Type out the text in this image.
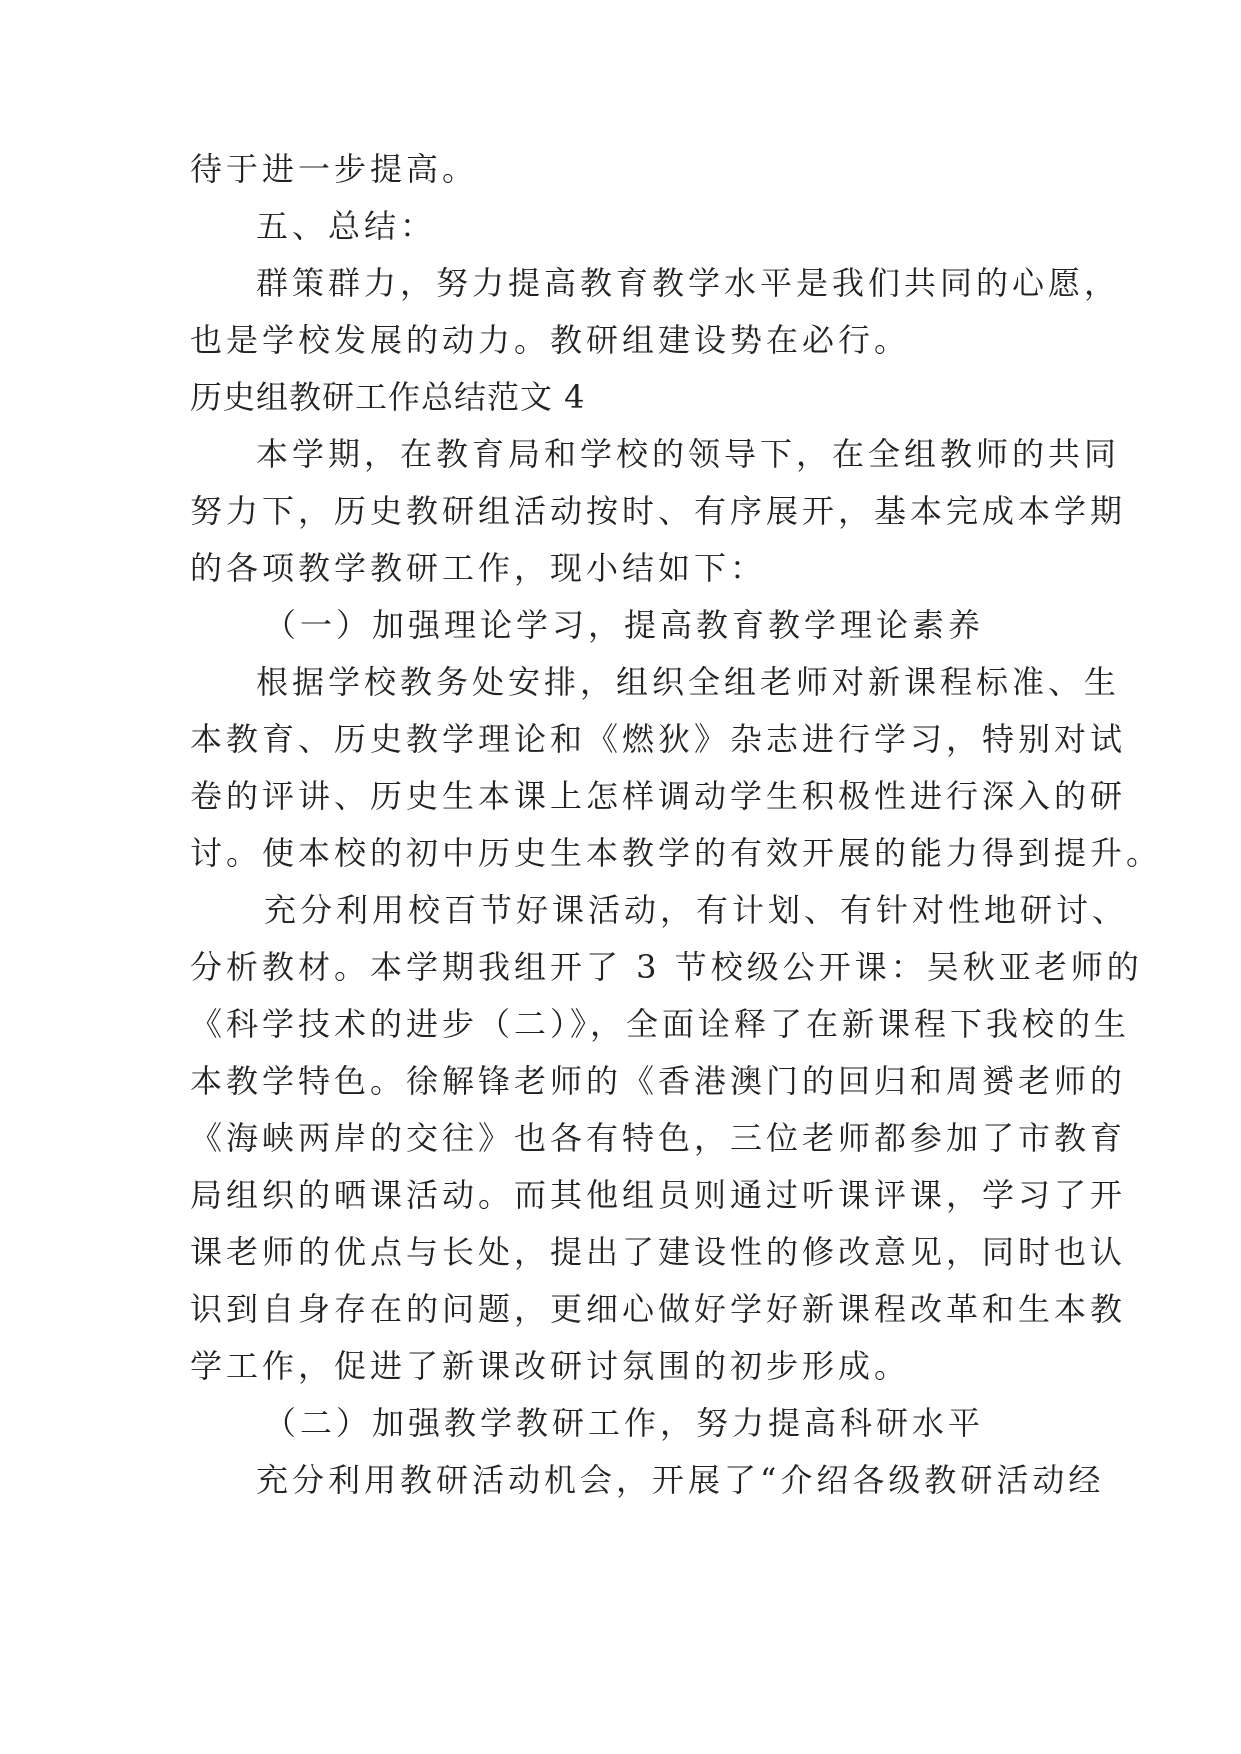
待于进一步提高。
五、总结：
群策群力，努力提高教育教学水平是我们共同的心愿，
也是学校发展的动力。教研组建设势在必行。
历史组教研工作总结范文 4
本学期，在教育局和学校的领导下，在全组教师的共同
努力下，历史教研组活动按时、有序展开，基本完成本学期
的各项教学教研工作，现小结如下：
（一）加强理论学习，提高教育教学理论素养
根据学校教务处安排，组织全组老师对新课程标准、生
本教育、历史教学理论和《燃狄》杂志进行学习，特别对试
卷的评讲、历史生本课上怎样调动学生积极性进行深入的研
讨。使本校的初中历史生本教学的有效开展的能力得到提升。
充分利用校百节好课活动，有计划、有针对性地研讨、
分析教材。本学期我组开了 3 节校级公开课：吴秋亚老师的
《科学技术的进步（二）》，全面诠释了在新课程下我校的生
本教学特色。徐解锋老师的《香港澳门的回归和周赟老师的
《海峡两岸的交往》也各有特色，三位老师都参加了市教育
局组织的晒课活动。而其他组员则通过听课评课，学习了开
课老师的优点与长处，提出了建设性的修改意见，同时也认
识到自身存在的问题，更细心做好学好新课程改革和生本教
学工作，促进了新课改研讨氛围的初步形成。
（二）加强教学教研工作，努力提高科研水平
充分利用教研活动机会，开展了“介绍各级教研活动经
